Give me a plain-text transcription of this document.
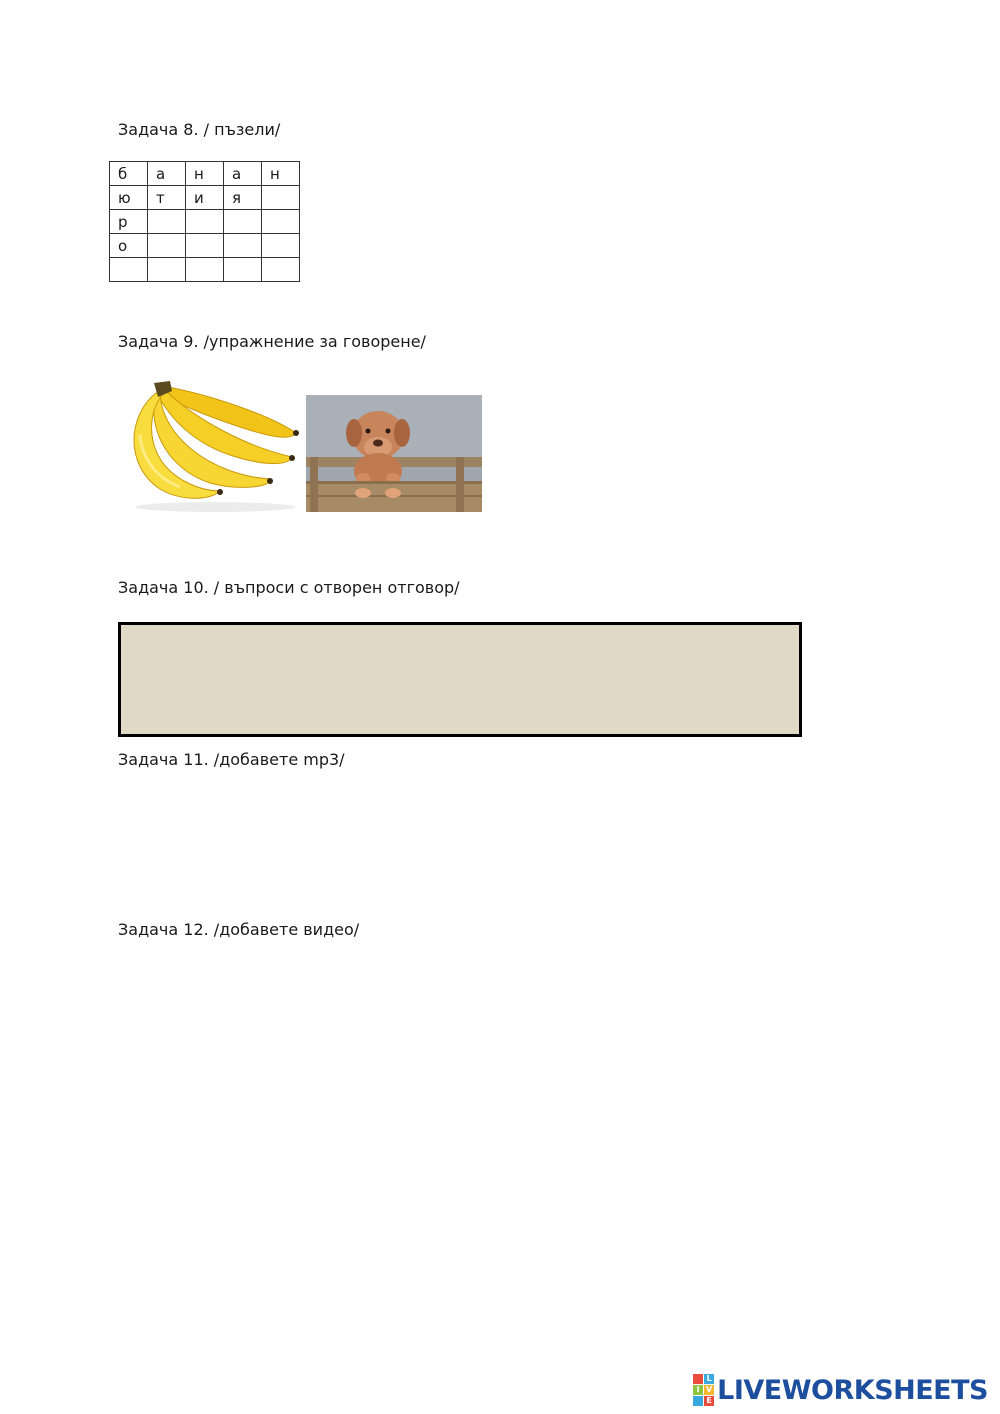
Задача 8. / пъзели/
б	а	н	а	н
ю	т	и	я	
р				
о				

Задача 9. /упражнение за говорене/
Задача 10. / въпроси с отворен отговор/
Задача 11. /добавете mp3/
Задача 12. /добавете видео/
L
I V
E LIVEWORKSHEETS
